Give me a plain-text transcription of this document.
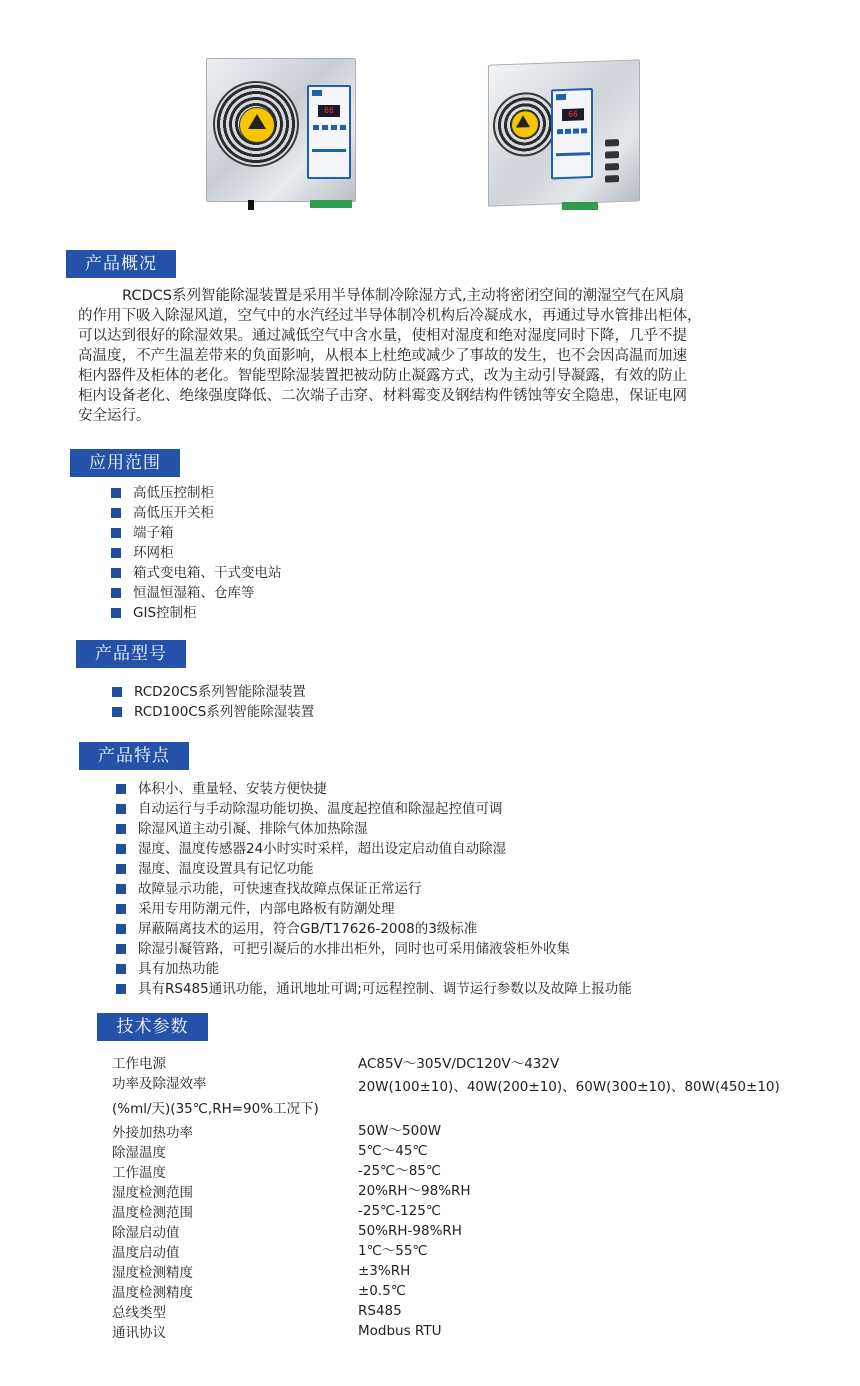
66	66
产品概况
RCDCS系列智能除湿装置是采用半导体制冷除湿方式,主动将密闭空间的潮湿空气在风扇
的作用下吸入除湿风道，空气中的水汽经过半导体制冷机构后冷凝成水，再通过导水管排出柜体，
可以达到很好的除湿效果。通过减低空气中含水量，使相对湿度和绝对湿度同时下降，几乎不提
高温度，不产生温差带来的负面影响，从根本上杜绝或减少了事故的发生，也不会因高温而加速
柜内器件及柜体的老化。智能型除湿装置把被动防止凝露方式，改为主动引导凝露，有效的防止
柜内设备老化、绝缘强度降低、二次端子击穿、材料霉变及钢结构件锈蚀等安全隐患，保证电网
安全运行。
应用范围
高低压控制柜
高低压开关柜
端子箱
环网柜
箱式变电箱、干式变电站
恒温恒湿箱、仓库等
GIS控制柜
产品型号
RCD20CS系列智能除湿装置
RCD100CS系列智能除湿装置
产品特点
体积小、重量轻、安装方便快捷
自动运行与手动除湿功能切换、温度起控值和除湿起控值可调
除湿风道主动引凝、排除气体加热除湿
湿度、温度传感器24小时实时采样，超出设定启动值自动除湿
湿度、温度设置具有记忆功能
故障显示功能，可快速查找故障点保证正常运行
采用专用防潮元件，内部电路板有防潮处理
屏蔽隔离技术的运用，符合GB/T17626-2008的3级标准
除湿引凝管路，可把引凝后的水排出柜外，同时也可采用储液袋柜外收集
具有加热功能
具有RS485通讯功能，通讯地址可调;可远程控制、调节运行参数以及故障上报功能
技术参数
工作电源	AC85V～305V/DC120V～432V
功率及除湿效率	20W(100±10)、40W(200±10)、60W(300±10)、80W(450±10)
(%ml/天)(35℃,RH=90%工况下)
外接加热功率	50W～500W
除湿温度	5℃～45℃
工作温度	-25℃～85℃
湿度检测范围	20%RH～98%RH
温度检测范围	-25℃-125℃
除湿启动值	50%RH-98%RH
温度启动值	1℃～55℃
湿度检测精度	±3%RH
温度检测精度	±0.5℃
总线类型	RS485
通讯协议	Modbus RTU
